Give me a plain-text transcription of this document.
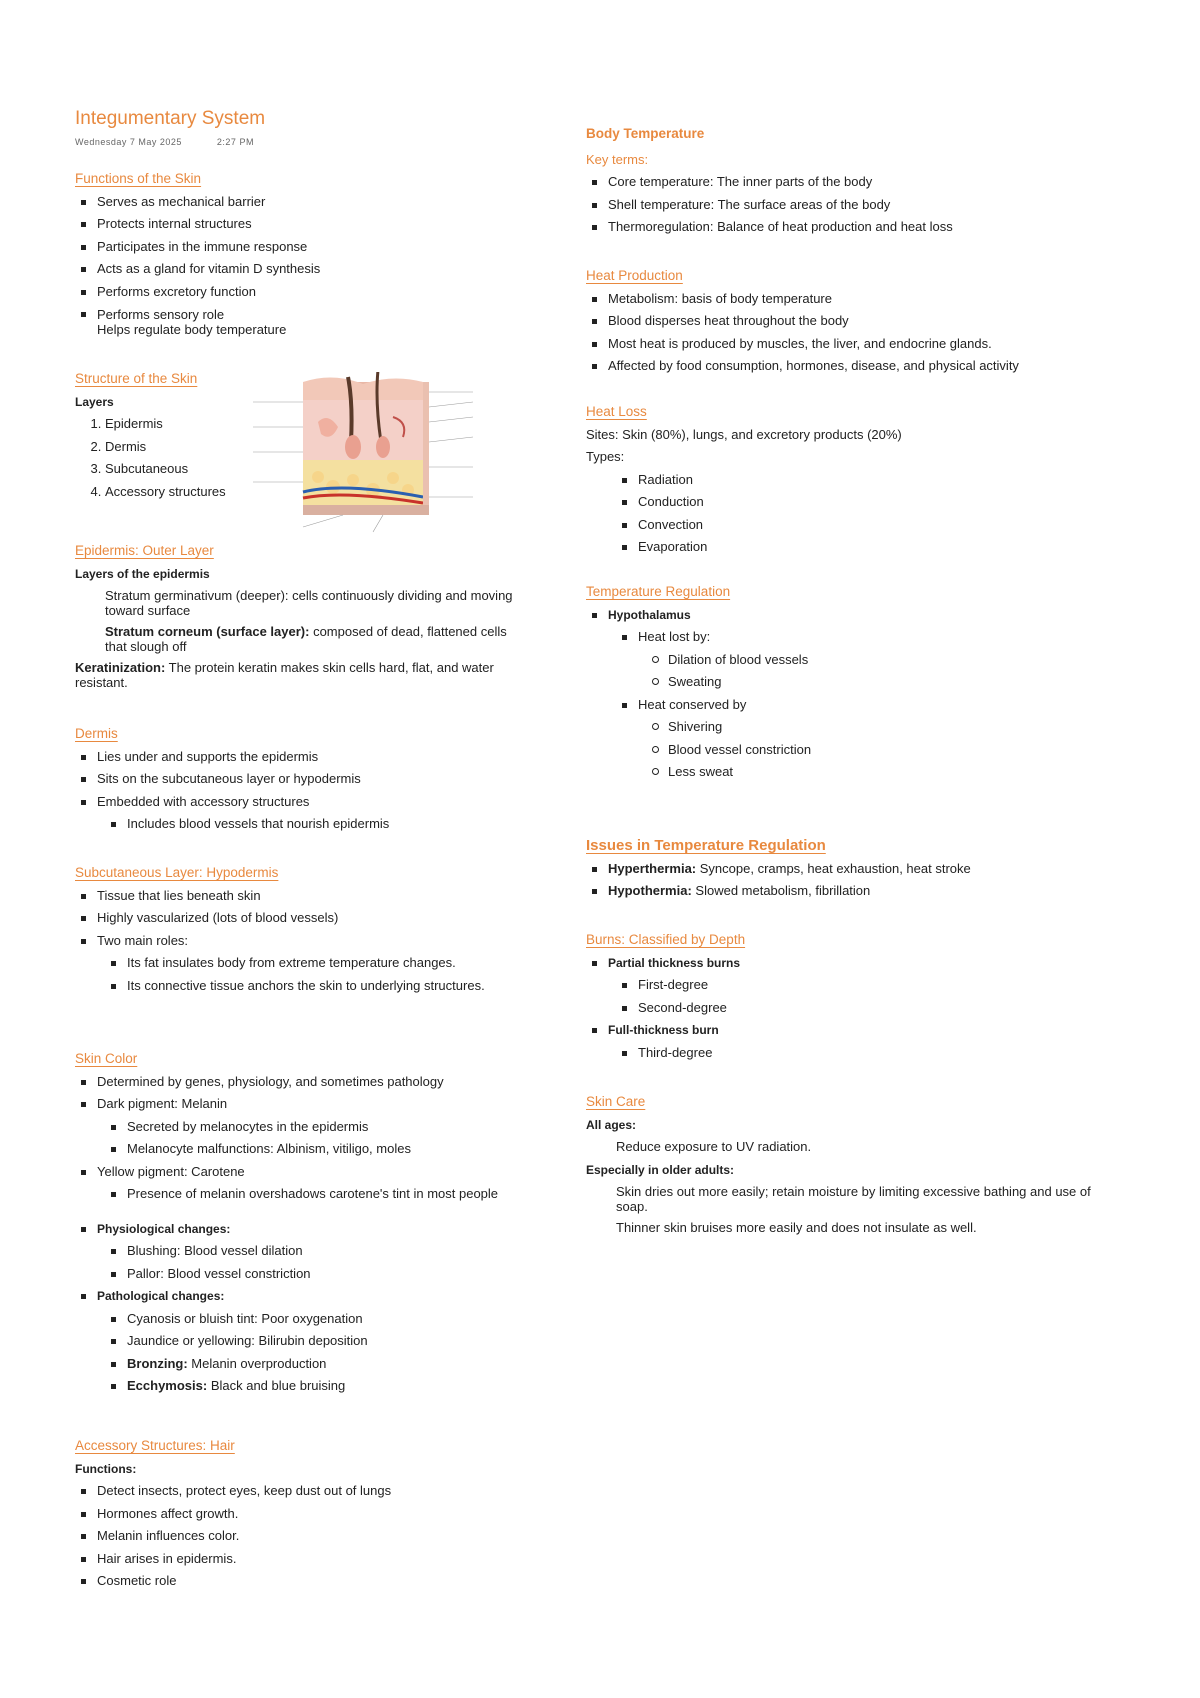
Integumentary System
Wednesday 7 May 2025	2:27 PM
Functions of the Skin
Serves as mechanical barrier
Protects internal structures
Participates in the immune response
Acts as a gland for vitamin D synthesis
Performs excretory function
Performs sensory role
Helps regulate body temperature
Structure of the Skin
Layers
1. Epidermis
2. Dermis
3. Subcutaneous
4. Accessory structures
Epidermis: Outer Layer
Layers of the epidermis

Stratum germinativum (deeper): cells continuously dividing and moving toward surface

Stratum corneum (surface layer): composed of dead, flattened cells that slough off

Keratinization: The protein keratin makes skin cells hard, flat, and water resistant.

Dermis
Lies under and supports the epidermis
Sits on the subcutaneous layer or hypodermis
Embedded with accessory structures
Includes blood vessels that nourish epidermis
Subcutaneous Layer: Hypodermis
Tissue that lies beneath skin
Highly vascularized (lots of blood vessels)
Two main roles:
Its fat insulates body from extreme temperature changes.
Its connective tissue anchors the skin to underlying structures.
Skin Color
Determined by genes, physiology, and sometimes pathology
Dark pigment: Melanin
Secreted by melanocytes in the epidermis
Melanocyte malfunctions: Albinism, vitiligo, moles
Yellow pigment: Carotene
Presence of melanin overshadows carotene's tint in most people
Physiological changes:
Blushing: Blood vessel dilation
Pallor: Blood vessel constriction
Pathological changes:
Cyanosis or bluish tint: Poor oxygenation
Jaundice or yellowing: Bilirubin deposition
Bronzing: Melanin overproduction
Ecchymosis: Black and blue bruising
Accessory Structures: Hair
Functions:
Detect insects, protect eyes, keep dust out of lungs
Hormones affect growth.
Melanin influences color.
Hair arises in epidermis.
Cosmetic role
Body Temperature
Key terms:
Core temperature: The inner parts of the body
Shell temperature: The surface areas of the body
Thermoregulation: Balance of heat production and heat loss
Heat Production
Metabolism: basis of body temperature
Blood disperses heat throughout the body
Most heat is produced by muscles, the liver, and endocrine glands.
Affected by food consumption, hormones, disease, and physical activity
Heat Loss
Sites: Skin (80%), lungs, and excretory products (20%)
Types:
Radiation
Conduction
Convection
Evaporation
Temperature Regulation
Hypothalamus
Heat lost by:
Dilation of blood vessels
Sweating
Heat conserved by
Shivering
Blood vessel constriction
Less sweat
Issues in Temperature Regulation
Hyperthermia: Syncope, cramps, heat exhaustion, heat stroke
Hypothermia: Slowed metabolism, fibrillation
Burns: Classified by Depth
Partial thickness burns
First-degree
Second-degree
Full-thickness burn
Third-degree
Skin Care
All ages:

Reduce exposure to UV radiation.

Especially in older adults:

Skin dries out more easily; retain moisture by limiting excessive bathing and use of soap.

Thinner skin bruises more easily and does not insulate as well.
